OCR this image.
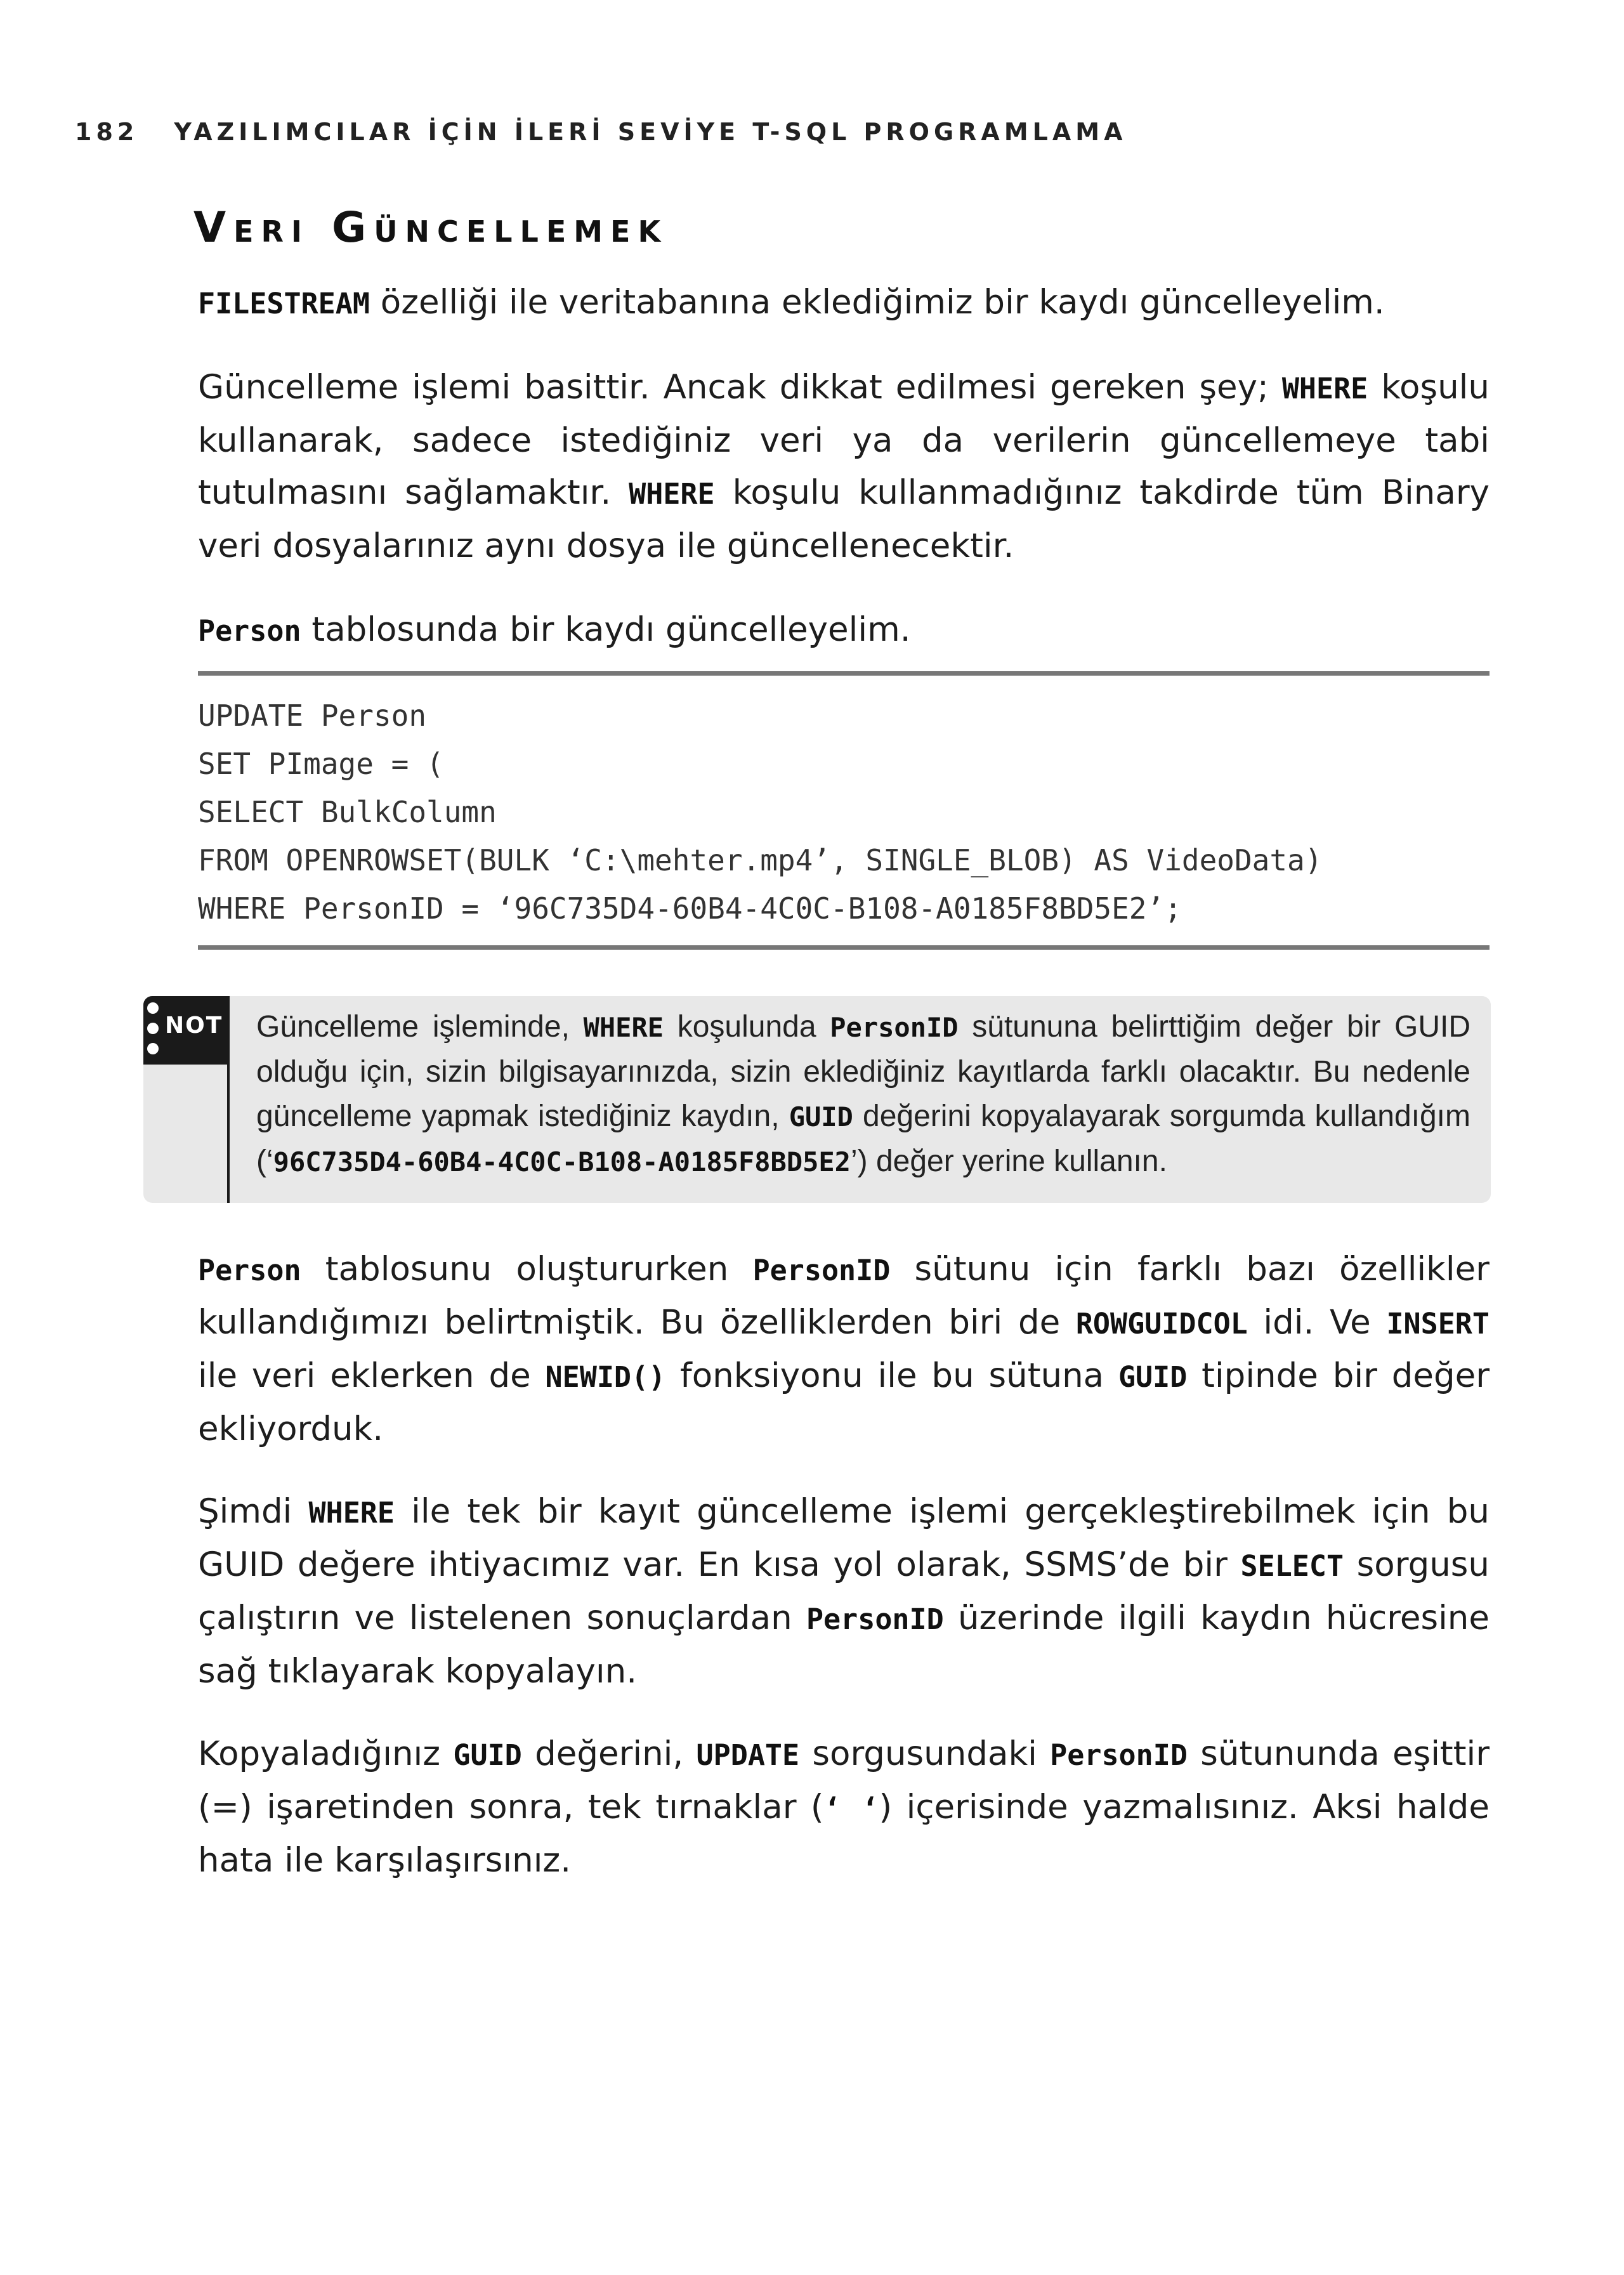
182 YAZILIMCILAR İÇİN İLERİ SEVİYE T-SQL PROGRAMLAMA
Veri Güncellemek

FILESTREAM özelliği ile veritabanına eklediğimiz bir kaydı güncelleyelim.

Güncelleme işlemi basittir. Ancak dikkat edilmesi gereken şey; WHERE koşulu kullanarak, sadece istediğiniz veri ya da verilerin güncellemeye tabi tutulmasını sağlamaktır. WHERE koşulu kullanmadığınız takdirde tüm Binary veri dosyalarınız aynı dosya ile güncellenecektir.

Person tablosunda bir kaydı güncelleyelim.

UPDATE Person
SET PImage = (
SELECT BulkColumn
FROM OPENROWSET(BULK ‘C:\mehter.mp4’, SINGLE_BLOB) AS VideoData)
WHERE PersonID = ‘96C735D4-60B4-4C0C-B108-A0185F8BD5E2’;
NOT Güncelleme işleminde, WHERE koşulunda PersonID sütununa belirttiğim değer bir GUID olduğu için, sizin bilgisayarınızda, sizin eklediğiniz kayıtlarda farklı olacaktır. Bu nedenle güncelleme yapmak istediğiniz kaydın, GUID değerini kopyalayarak sorgumda kullandığım (‘96C735D4-60B4-4C0C-B108-A0185F8BD5E2’) değer yerine kullanın.

Person tablosunu oluştururken PersonID sütunu için farklı bazı özellikler kullandığımızı belirtmiştik. Bu özelliklerden biri de ROWGUIDCOL idi. Ve INSERT ile veri eklerken de NEWID() fonksiyonu ile bu sütuna GUID tipinde bir değer ekliyorduk.

Şimdi WHERE ile tek bir kayıt güncelleme işlemi gerçekleştirebilmek için bu GUID değere ihtiyacımız var. En kısa yol olarak, SSMS’de bir SELECT sorgusu çalıştırın ve listelenen sonuçlardan PersonID üzerinde ilgili kaydın hücresine sağ tıklayarak kopyalayın.

Kopyaladığınız GUID değerini, UPDATE sorgusundaki PersonID sütununda eşittir (=) işaretinden sonra, tek tırnaklar (‘ ‘) içerisinde yazmalısınız. Aksi halde hata ile karşılaşırsınız.
